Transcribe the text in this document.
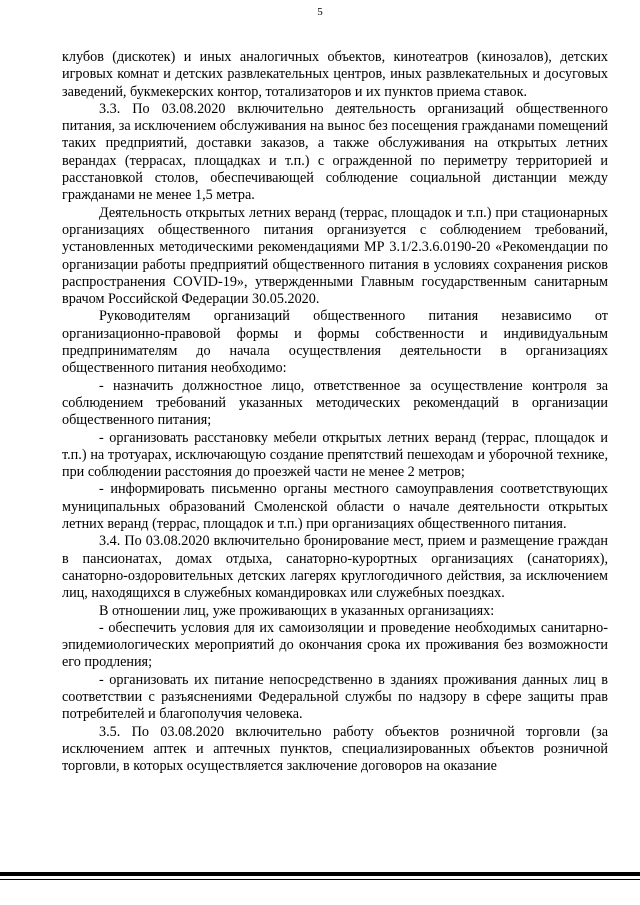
5

клубов (дискотек) и иных аналогичных объектов, кинотеатров (кинозалов), детских игровых комнат и детских развлекательных центров, иных развлекательных и досуговых заведений, букмекерских контор, тотализаторов и их пунктов приема ставок.

3.3. По 03.08.2020 включительно деятельность организаций общественного питания, за исключением обслуживания на вынос без посещения гражданами помещений таких предприятий, доставки заказов, а также обслуживания на открытых летних верандах (террасах, площадках и т.п.) с огражденной по периметру территорией и расстановкой столов, обеспечивающей соблюдение социальной дистанции между гражданами не менее 1,5 метра.

Деятельность открытых летних веранд (террас, площадок и т.п.) при стационарных организациях общественного питания организуется с соблюдением требований, установленных методическими рекомендациями МР 3.1/2.3.6.0190-20 «Рекомендации по организации работы предприятий общественного питания в условиях сохранения рисков распространения COVID-19», утвержденными Главным государственным санитарным врачом Российской Федерации 30.05.2020.

Руководителям организаций общественного питания независимо от организационно-правовой формы и формы собственности и индивидуальным предпринимателям до начала осуществления деятельности в организациях общественного питания необходимо:

- назначить должностное лицо, ответственное за осуществление контроля за соблюдением требований указанных методических рекомендаций в организации общественного питания;

- организовать расстановку мебели открытых летних веранд (террас, площадок и т.п.) на тротуарах, исключающую создание препятствий пешеходам и уборочной технике, при соблюдении расстояния до проезжей части не менее 2 метров;

- информировать письменно органы местного самоуправления соответствующих муниципальных образований Смоленской области о начале деятельности открытых летних веранд (террас, площадок и т.п.) при организациях общественного питания.

3.4. По 03.08.2020 включительно бронирование мест, прием и размещение граждан в пансионатах, домах отдыха, санаторно-курортных организациях (санаториях), санаторно-оздоровительных детских лагерях круглогодичного действия, за исключением лиц, находящихся в служебных командировках или служебных поездках.

В отношении лиц, уже проживающих в указанных организациях:

- обеспечить условия для их самоизоляции и проведение необходимых санитарно-эпидемиологических мероприятий до окончания срока их проживания без возможности его продления;

- организовать их питание непосредственно в зданиях проживания данных лиц в соответствии с разъяснениями Федеральной службы по надзору в сфере защиты прав потребителей и благополучия человека.

3.5. По 03.08.2020 включительно работу объектов розничной торговли (за исключением аптек и аптечных пунктов, специализированных объектов розничной торговли, в которых осуществляется заключение договоров на оказание
